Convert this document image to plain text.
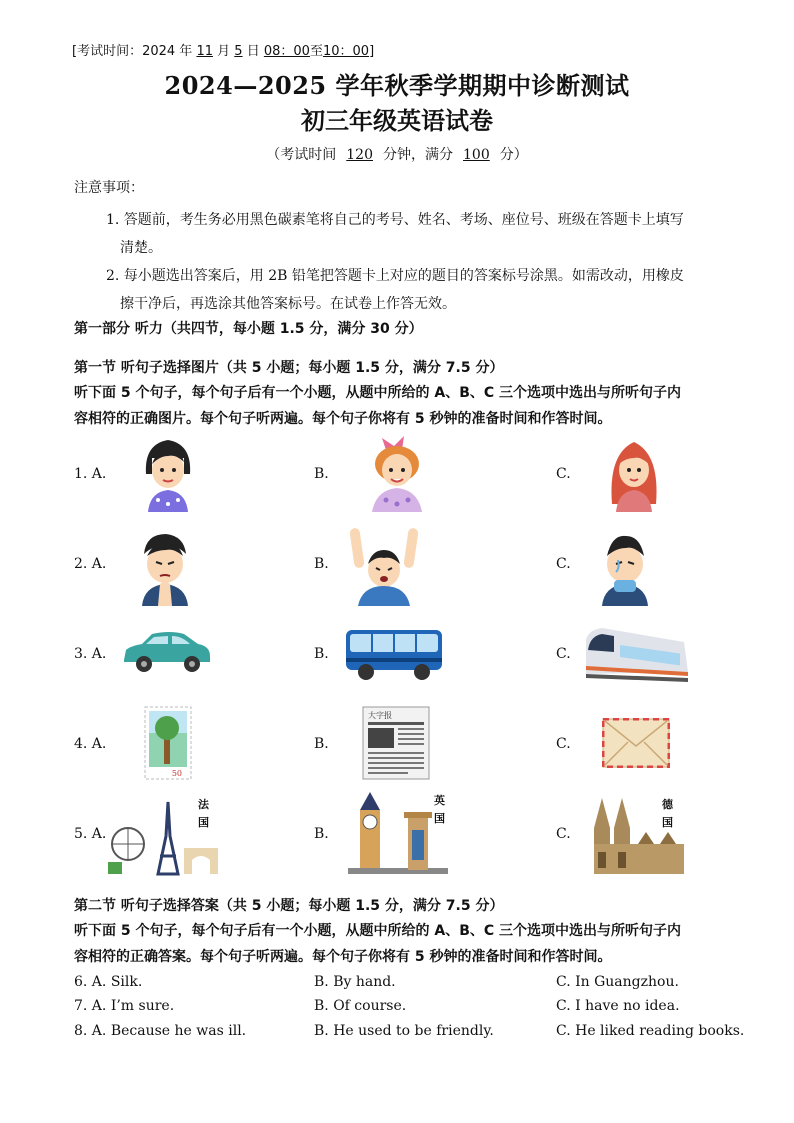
[考试时间：2024 年 11 月 5 日 08：00至10：00]
2024—2025 学年秋季学期期中诊断测试
初三年级英语试卷
（考试时间 120 分钟，满分 100 分）
注意事项：
1. 答题前，考生务必用黑色碳素笔将自己的考号、姓名、考场、座位号、班级在答题卡上填写
清楚。
2. 每小题选出答案后，用 2B 铅笔把答题卡上对应的题目的答案标号涂黑。如需改动，用橡皮
擦干净后，再选涂其他答案标号。在试卷上作答无效。
第一部分 听力（共四节，每小题 1.5 分，满分 30 分）
第一节 听句子选择图片（共 5 小题；每小题 1.5 分，满分 7.5 分）
听下面 5 个句子，每个句子后有一个小题，从题中所给的 A、B、C 三个选项中选出与所听句子内
容相符的正确图片。每个句子听两遍。每个句子你将有 5 秒钟的准备时间和作答时间。
1. A.	B.	C.
2. A.	B.	C.
3. A.	B.	C.
4. A.	B.	C.
5. A.	B.	C.
50
大字报
法
国
英
国
德
国
第二节 听句子选择答案（共 5 小题；每小题 1.5 分，满分 7.5 分）
听下面 5 个句子，每个句子后有一个小题，从题中所给的 A、B、C 三个选项中选出与所听句子内
容相符的正确答案。每个句子听两遍。每个句子你将有 5 秒钟的准备时间和作答时间。
6. A. Silk.	B. By hand.	C. In Guangzhou.
7. A. I’m sure.	B. Of course.	C. I have no idea.
8. A. Because he was ill.	B. He used to be friendly.	C. He liked reading books.
